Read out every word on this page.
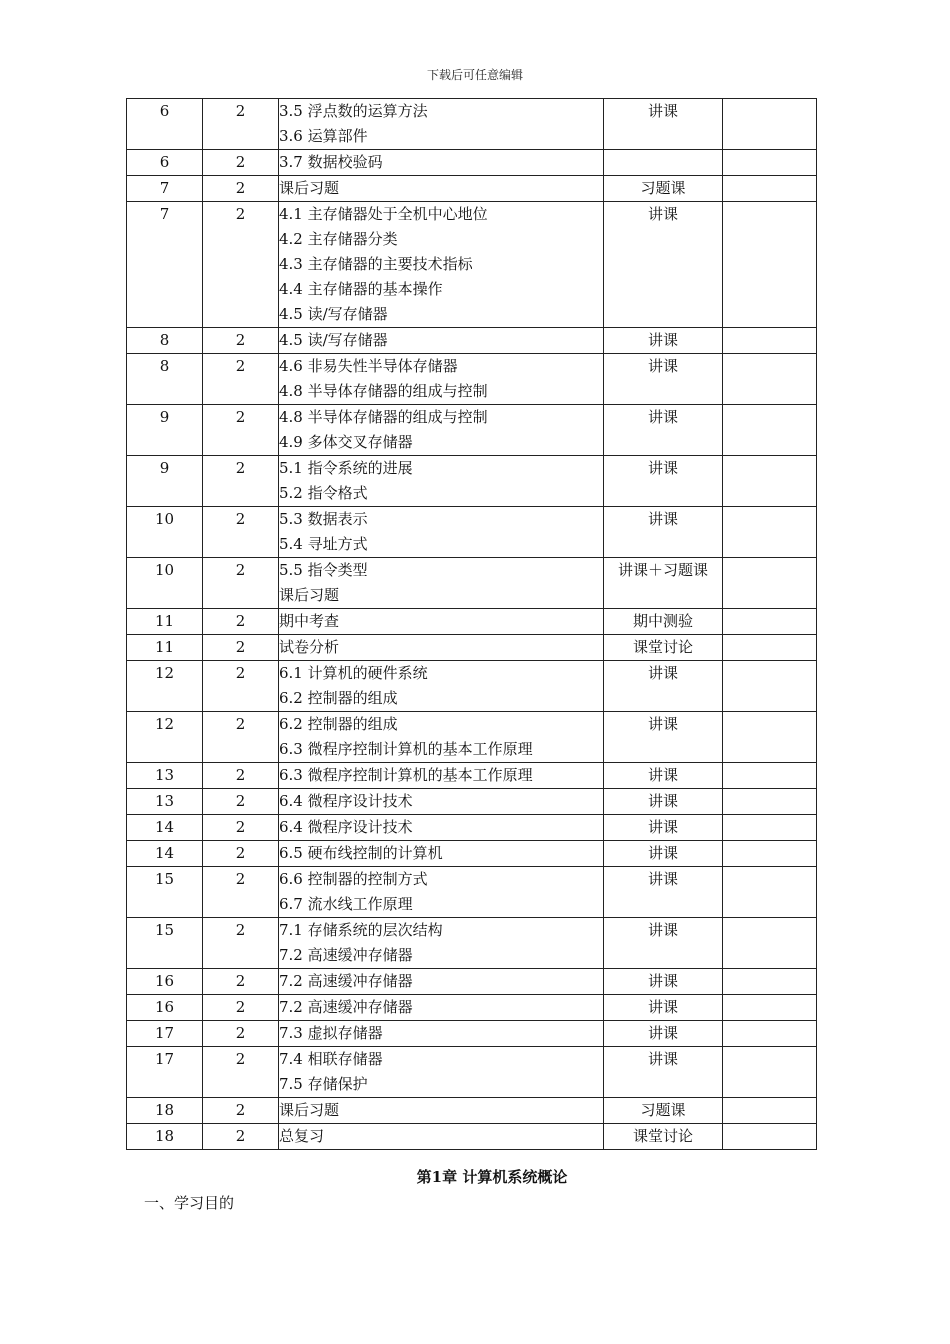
下载后可任意编辑
6	2	3.5 浮点数的运算方法
3.6 运算部件	讲课	

6	2	3.7 数据校验码		

7	2	课后习题	习题课	

7	2	4.1 主存储器处于全机中心地位
4.2 主存储器分类
4.3 主存储器的主要技术指标
4.4 主存储器的基本操作
4.5 读/写存储器	讲课	

8	2	4.5 读/写存储器	讲课	

8	2	4.6 非易失性半导体存储器
4.8 半导体存储器的组成与控制	讲课	

9	2	4.8 半导体存储器的组成与控制
4.9 多体交叉存储器	讲课	

9	2	5.1 指令系统的进展
5.2 指令格式	讲课	

10	2	5.3 数据表示
5.4 寻址方式	讲课	

10	2	5.5 指令类型
课后习题	讲课＋习题课	

11	2	期中考查	期中测验	

11	2	试卷分析	课堂讨论	

12	2	6.1 计算机的硬件系统
6.2 控制器的组成	讲课	

12	2	6.2 控制器的组成
6.3 微程序控制计算机的基本工作原理	讲课	

13	2	6.3 微程序控制计算机的基本工作原理	讲课	

13	2	6.4 微程序设计技术	讲课	

14	2	6.4 微程序设计技术	讲课	

14	2	6.5 硬布线控制的计算机	讲课	

15	2	6.6 控制器的控制方式
6.7 流水线工作原理	讲课	

15	2	7.1 存储系统的层次结构
7.2 高速缓冲存储器	讲课	

16	2	7.2 高速缓冲存储器	讲课	

16	2	7.2 高速缓冲存储器	讲课	

17	2	7.3 虚拟存储器	讲课	

17	2	7.4 相联存储器
7.5 存储保护	讲课	

18	2	课后习题	习题课	

18	2	总复习	课堂讨论	

第1章 计算机系统概论
一、学习目的
